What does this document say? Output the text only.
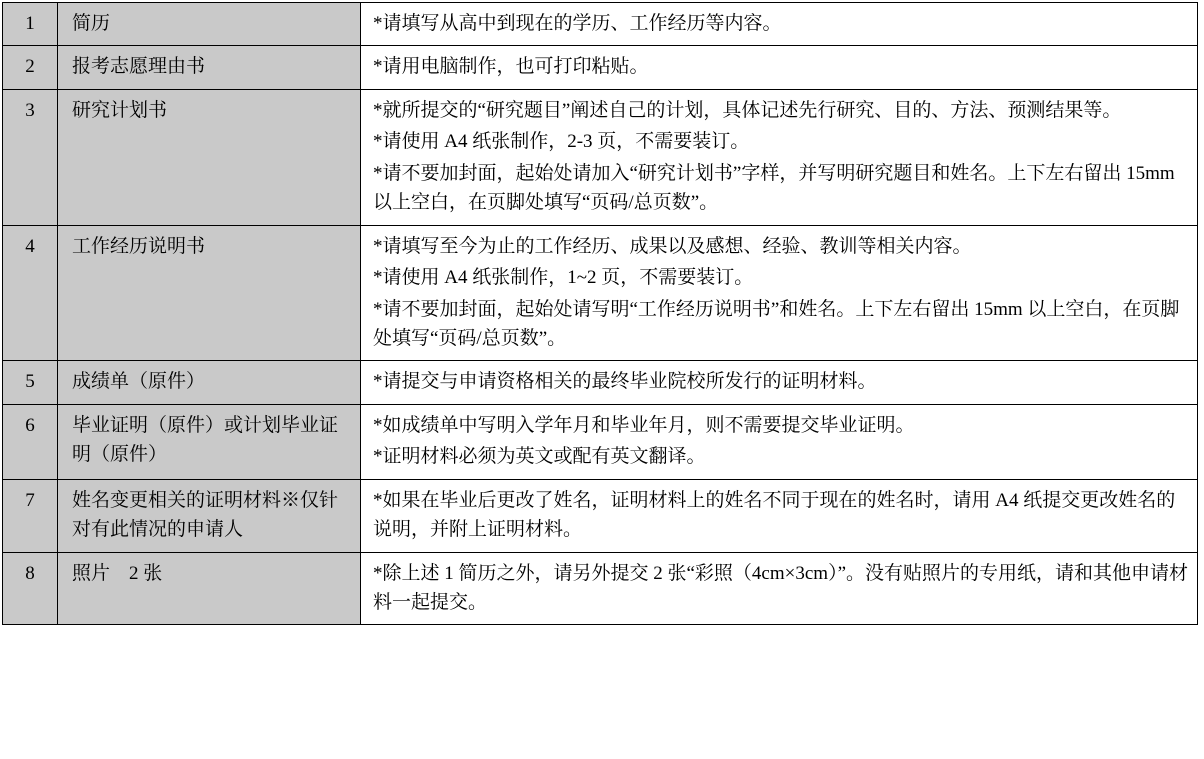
1	简历	*请填写从高中到现在的学历、工作经历等内容。

2	报考志愿理由书	*请用电脑制作，也可打印粘贴。

3	研究计划书	*就所提交的“研究题目”阐述自己的计划，具体记述先行研究、目的、方法、预测结果等。

*请使用 A4 纸张制作，2-3 页，不需要装订。

*请不要加封面，起始处请加入“研究计划书”字样，并写明研究题目和姓名。上下左右留出 15mm 以上空白，在页脚处填写“页码/总页数”。

4	工作经历说明书	*请填写至今为止的工作经历、成果以及感想、经验、教训等相关内容。

*请使用 A4 纸张制作，1~2 页，不需要装订。

*请不要加封面，起始处请写明“工作经历说明书”和姓名。上下左右留出 15mm 以上空白，在页脚处填写“页码/总页数”。

5	成绩单（原件）	*请提交与申请资格相关的最终毕业院校所发行的证明材料。

6	毕业证明（原件）或计划毕业证明（原件）	*如成绩单中写明入学年月和毕业年月，则不需要提交毕业证明。

*证明材料必须为英文或配有英文翻译。

7	姓名变更相关的证明材料※仅针对有此情况的申请人	*如果在毕业后更改了姓名，证明材料上的姓名不同于现在的姓名时，请用 A4 纸提交更改姓名的说明，并附上证明材料。

8	照片　2 张	*除上述 1 简历之外，请另外提交 2 张“彩照（4cm×3cm）”。没有贴照片的专用纸，请和其他申请材料一起提交。
